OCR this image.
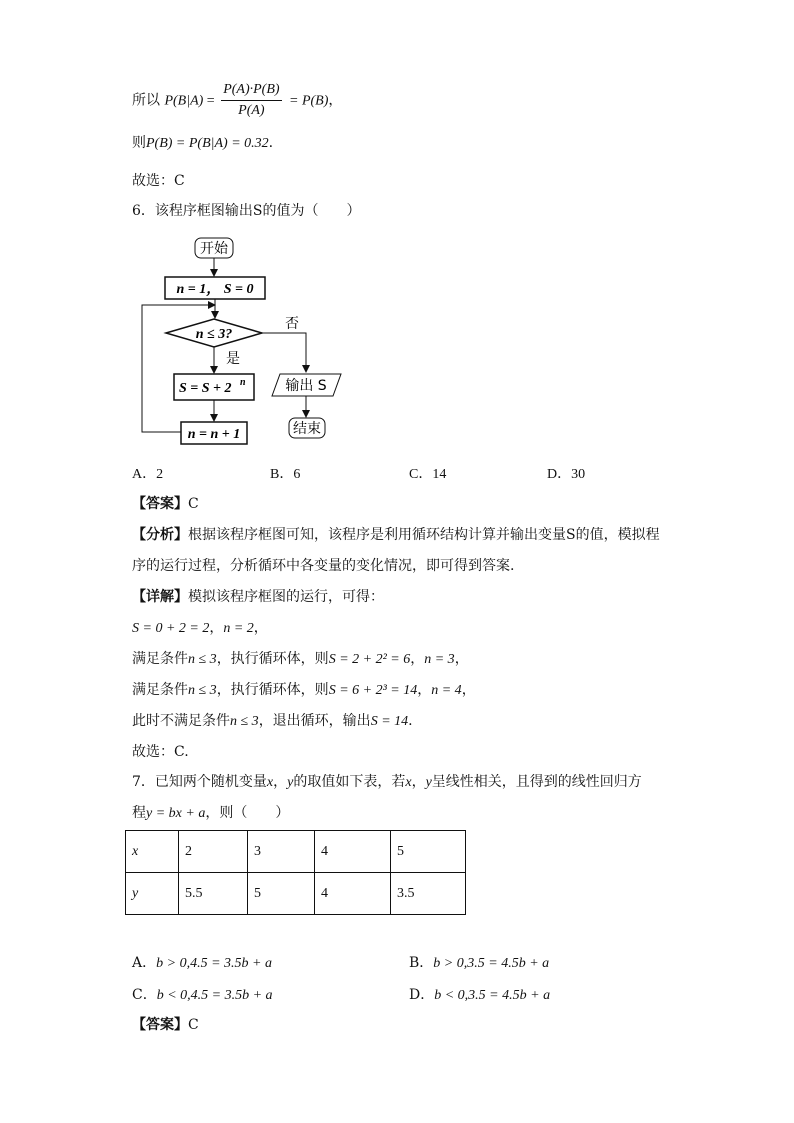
所以 $P(B|A) = \frac{P(A)\cdot P(B)}{P(A)} = P(B)$，
则P(B) = P(B|A) = 0.32.
故选：C
6．该程序框图输出S的值为（　　）
开始
n = 1， S = 0
n ≤ 3?
否
是
S = S + 2 n
n = n + 1
输出 S
结束
A．2	B．6	C．14	D．30
【答案】C
【分析】根据该程序框图可知，该程序是利用循环结构计算并输出变量S的值，模拟程
序的运行过程，分析循环中各变量的变化情况，即可得到答案.
【详解】模拟该程序框图的运行，可得：
S = 0 + 2 = 2，n = 2，
满足条件n ≤ 3，执行循环体，则S = 2 + 2² = 6，n = 3，
满足条件n ≤ 3，执行循环体，则S = 6 + 2³ = 14，n = 4，
此时不满足条件n ≤ 3，退出循环，输出S = 14.
故选：C.
7．已知两个随机变量x，y的取值如下表，若x，y呈线性相关，且得到的线性回归方
程y = bx + a，则（　　）
x	2	3	4	5
y	5.5	5	4	3.5
A．b > 0,4.5 = 3.5b + a	B．b > 0,3.5 = 4.5b + a
C．b < 0,4.5 = 3.5b + a	D．b < 0,3.5 = 4.5b + a
【答案】C
